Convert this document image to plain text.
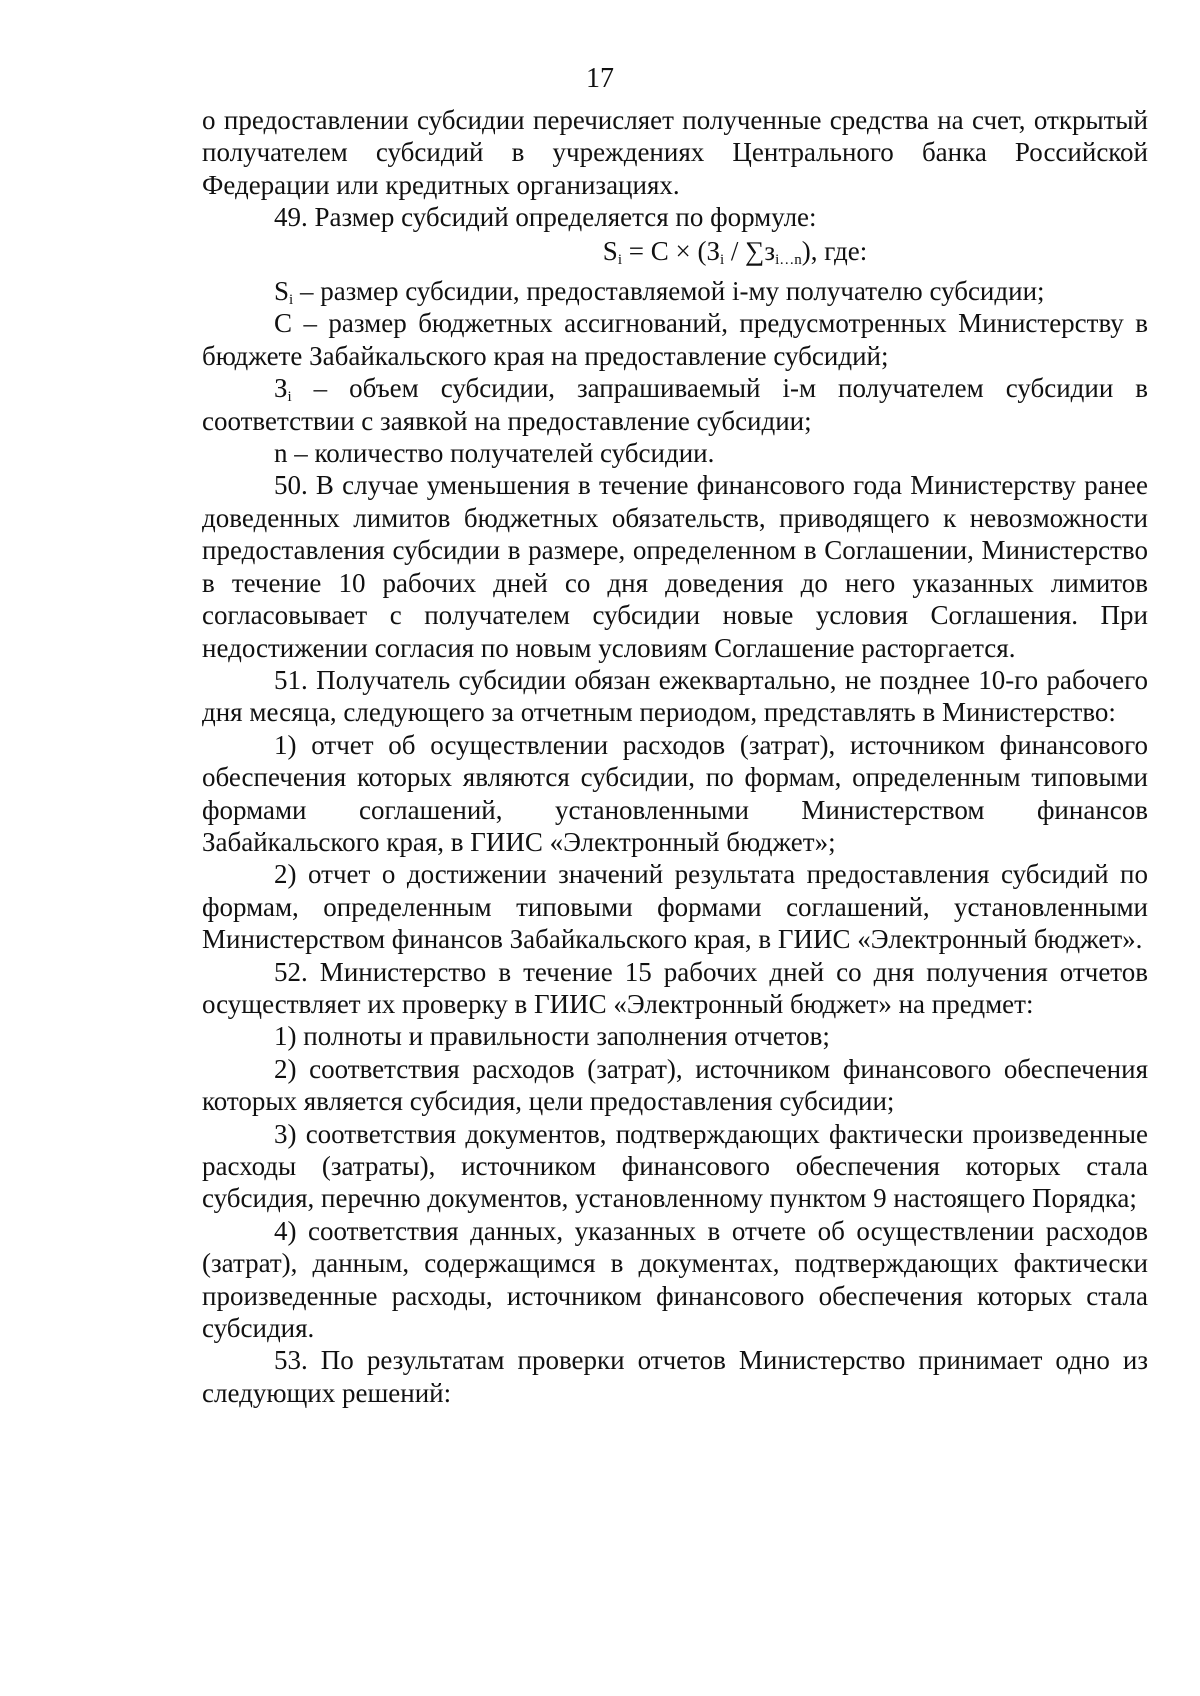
17

о предоставлении субсидии перечисляет полученные средства на счет, открытый получателем субсидий в учреждениях Центрального банка Российской Федерации или кредитных организациях.

49. Размер субсидий определяется по формуле:

$S_i = С \times (З_i / \sum з_{i\dots n})$, где:

$S_i$ – размер субсидии, предоставляемой i-му получателю субсидии;

С – размер бюджетных ассигнований, предусмотренных Министерству в бюджете Забайкальского края на предоставление субсидий;

$З_i$ – объем субсидии, запрашиваемый i-м получателем субсидии в соответствии с заявкой на предоставление субсидии;

n – количество получателей субсидии.

50. В случае уменьшения в течение финансового года Министерству ранее доведенных лимитов бюджетных обязательств, приводящего к невозможности предоставления субсидии в размере, определенном в Соглашении, Министерство в течение 10 рабочих дней со дня доведения до него указанных лимитов согласовывает с получателем субсидии новые условия Соглашения. При недостижении согласия по новым условиям Соглашение расторгается.

51. Получатель субсидии обязан ежеквартально, не позднее 10-го рабочего дня месяца, следующего за отчетным периодом, представлять в Министерство:

1) отчет об осуществлении расходов (затрат), источником финансового обеспечения которых являются субсидии, по формам, определенным типовыми формами соглашений, установленными Министерством финансов Забайкальского края, в ГИИС «Электронный бюджет»;

2) отчет о достижении значений результата предоставления субсидий по формам, определенным типовыми формами соглашений, установленными Министерством финансов Забайкальского края, в ГИИС «Электронный бюджет».

52. Министерство в течение 15 рабочих дней со дня получения отчетов осуществляет их проверку в ГИИС «Электронный бюджет» на предмет:

1) полноты и правильности заполнения отчетов;

2) соответствия расходов (затрат), источником финансового обеспечения которых является субсидия, цели предоставления субсидии;

3) соответствия документов, подтверждающих фактически произведенные расходы (затраты), источником финансового обеспечения которых стала субсидия, перечню документов, установленному пунктом 9 настоящего Порядка;

4) соответствия данных, указанных в отчете об осуществлении расходов (затрат), данным, содержащимся в документах, подтверждающих фактически произведенные расходы, источником финансового обеспечения которых стала субсидия.

53. По результатам проверки отчетов Министерство принимает одно из следующих решений:
